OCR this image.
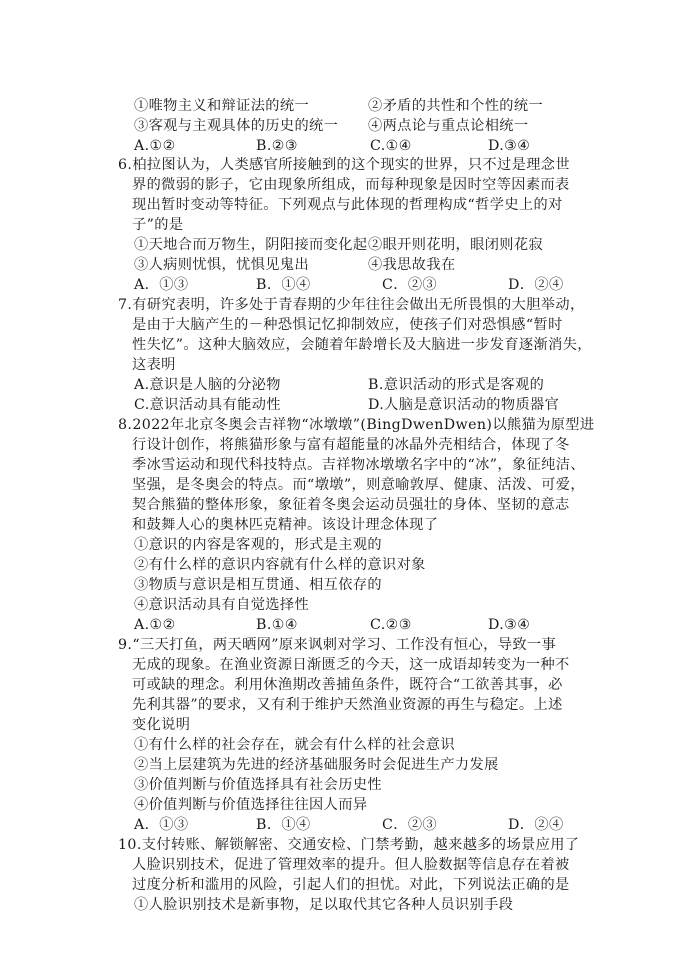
①唯物主义和辩证法的统一	②矛盾的共性和个性的统一
③客观与主观具体的历史的统一 ④两点论与重点论相统一
A.①②	B.②③	C.①④	D.③④
6.柏拉图认为，人类感官所接触到的这个现实的世界，只不过是理念世
界的微弱的影子，它由现象所组成，而每种现象是因时空等因素而表
现出暂时变动等特征。下列观点与此体现的哲理构成“哲学史上的对
子”的是
①天地合而万物生，阴阳接而变化起 ②眼开则花明，眼闭则花寂
③人病则忧惧，忧惧见鬼出	④我思故我在
A．①③	B．①④	C．②③	D．②④
7.有研究表明，许多处于青春期的少年往往会做出无所畏惧的大胆举动，
是由于大脑产生的－种恐惧记忆抑制效应，使孩子们对恐惧感“暂时
性失忆”。这种大脑效应，会随着年龄增长及大脑进一步发育逐渐消失，
这表明
A.意识是人脑的分泌物	B.意识活动的形式是客观的
C.意识活动具有能动性	D.人脑是意识活动的物质器官
8.2022年北京冬奥会吉祥物“冰墩墩”(BingDwenDwen)以熊猫为原型进
行设计创作，将熊猫形象与富有超能量的冰晶外壳相结合，体现了冬
季冰雪运动和现代科技特点。吉祥物冰墩墩名字中的“冰”，象征纯洁、
坚强，是冬奥会的特点。而“墩墩”，则意喻敦厚、健康、活泼、可爱，
契合熊猫的整体形象，象征着冬奥会运动员强壮的身体、坚韧的意志
和鼓舞人心的奥林匹克精神。该设计理念体现了
①意识的内容是客观的，形式是主观的
②有什么样的意识内容就有什么样的意识对象
③物质与意识是相互贯通、相互依存的
④意识活动具有自觉选择性
A.①②	B.①④	C.②③	D.③④
9.“三天打鱼，两天晒网”原来讽刺对学习、工作没有恒心，导致一事
无成的现象。在渔业资源日渐匮乏的今天，这一成语却转变为一种不
可或缺的理念。利用休渔期改善捕鱼条件，既符合“工欲善其事，必
先利其器”的要求，又有利于维护天然渔业资源的再生与稳定。上述
变化说明
①有什么样的社会存在，就会有什么样的社会意识
②当上层建筑为先进的经济基础服务时会促进生产力发展
③价值判断与价值选择具有社会历史性
④价值判断与价值选择往往因人而异
A．①③	B．①④	C．②③	D．②④
10.支付转账、解锁解密、交通安检、门禁考勤，越来越多的场景应用了
人脸识别技术，促进了管理效率的提升。但人脸数据等信息存在着被
过度分析和滥用的风险，引起人们的担忧。对此，下列说法正确的是
①人脸识别技术是新事物，足以取代其它各种人员识别手段
